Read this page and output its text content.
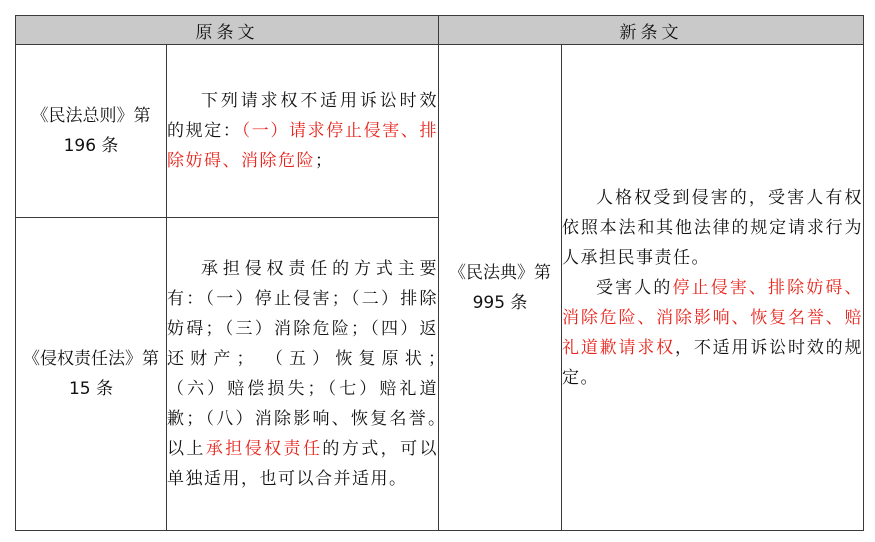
原条文		新条文	
《民法总则》第 196 条	下列请求权不适用诉讼时效的规定：（一）请求停止侵害、排除妨碍、消除危险；	《民法典》第 995 条	人格权受到侵害的，受害人有权依照本法和其他法律的规定请求行为人承担民事责任。

受害人的停止侵害、排除妨碍、消除危险、消除影响、恢复名誉、赔礼道歉请求权，不适用诉讼时效的规定。

《侵权责任法》第 15 条	承担侵权责任的方式主要有：（一）停止侵害；（二）排除妨碍；（三）消除危险；（四）返还财产；　（五）恢复原状；　（六）赔偿损失；（七）赔礼道歉；（八）消除影响、恢复名誉。　以上承担侵权责任的方式，可以单独适用，也可以合并适用。		
